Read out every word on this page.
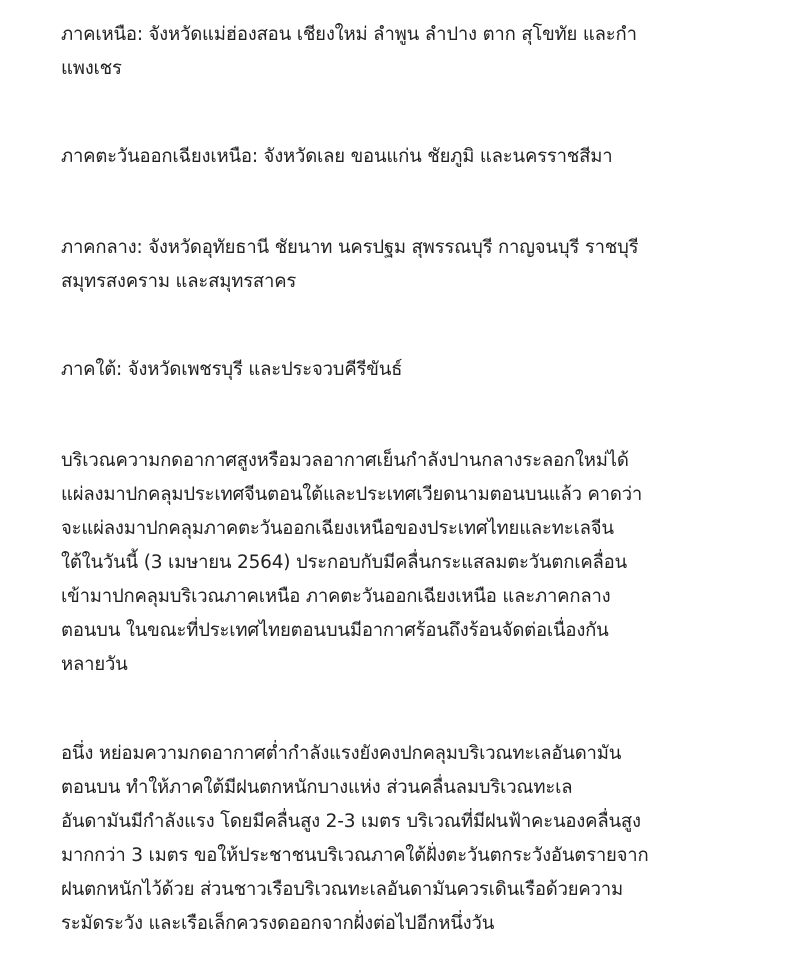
ภาคเหนือ: จังหวัดแม่ฮ่องสอน เชียงใหม่ ลำพูน ลำปาง ตาก สุโขทัย และกำ
แพงเชร

ภาคตะวันออกเฉียงเหนือ: จังหวัดเลย ขอนแก่น ชัยภูมิ และนครราชสีมา

ภาคกลาง: จังหวัดอุทัยธานี ชัยนาท นครปฐม สุพรรณบุรี กาญจนบุรี ราชบุรี
สมุทรสงคราม และสมุทรสาคร

ภาคใต้: จังหวัดเพชรบุรี และประจวบคีรีขันธ์

บริเวณความกดอากาศสูงหรือมวลอากาศเย็นกำลังปานกลางระลอกใหม่ได้
แผ่ลงมาปกคลุมประเทศจีนตอนใต้และประเทศเวียดนามตอนบนแล้ว คาดว่า
จะแผ่ลงมาปกคลุมภาคตะวันออกเฉียงเหนือของประเทศไทยและทะเลจีน
ใต้ในวันนี้ (3 เมษายน 2564) ประกอบกับมีคลื่นกระแสลมตะวันตกเคลื่อน
เข้ามาปกคลุมบริเวณภาคเหนือ ภาคตะวันออกเฉียงเหนือ และภาคกลาง
ตอนบน ในขณะที่ประเทศไทยตอนบนมีอากาศร้อนถึงร้อนจัดต่อเนื่องกัน
หลายวัน

อนึ่ง หย่อมความกดอากาศต่ำกำลังแรงยังคงปกคลุมบริเวณทะเลอันดามัน
ตอนบน ทำให้ภาคใต้มีฝนตกหนักบางแห่ง ส่วนคลื่นลมบริเวณทะเล
อันดามันมีกำลังแรง โดยมีคลื่นสูง 2-3 เมตร บริเวณที่มีฝนฟ้าคะนองคลื่นสูง
มากกว่า 3 เมตร ขอให้ประชาชนบริเวณภาคใต้ฝั่งตะวันตกระวังอันตรายจาก
ฝนตกหนักไว้ด้วย ส่วนชาวเรือบริเวณทะเลอันดามันควรเดินเรือด้วยความ
ระมัดระวัง และเรือเล็กควรงดออกจากฝั่งต่อไปอีกหนึ่งวัน
